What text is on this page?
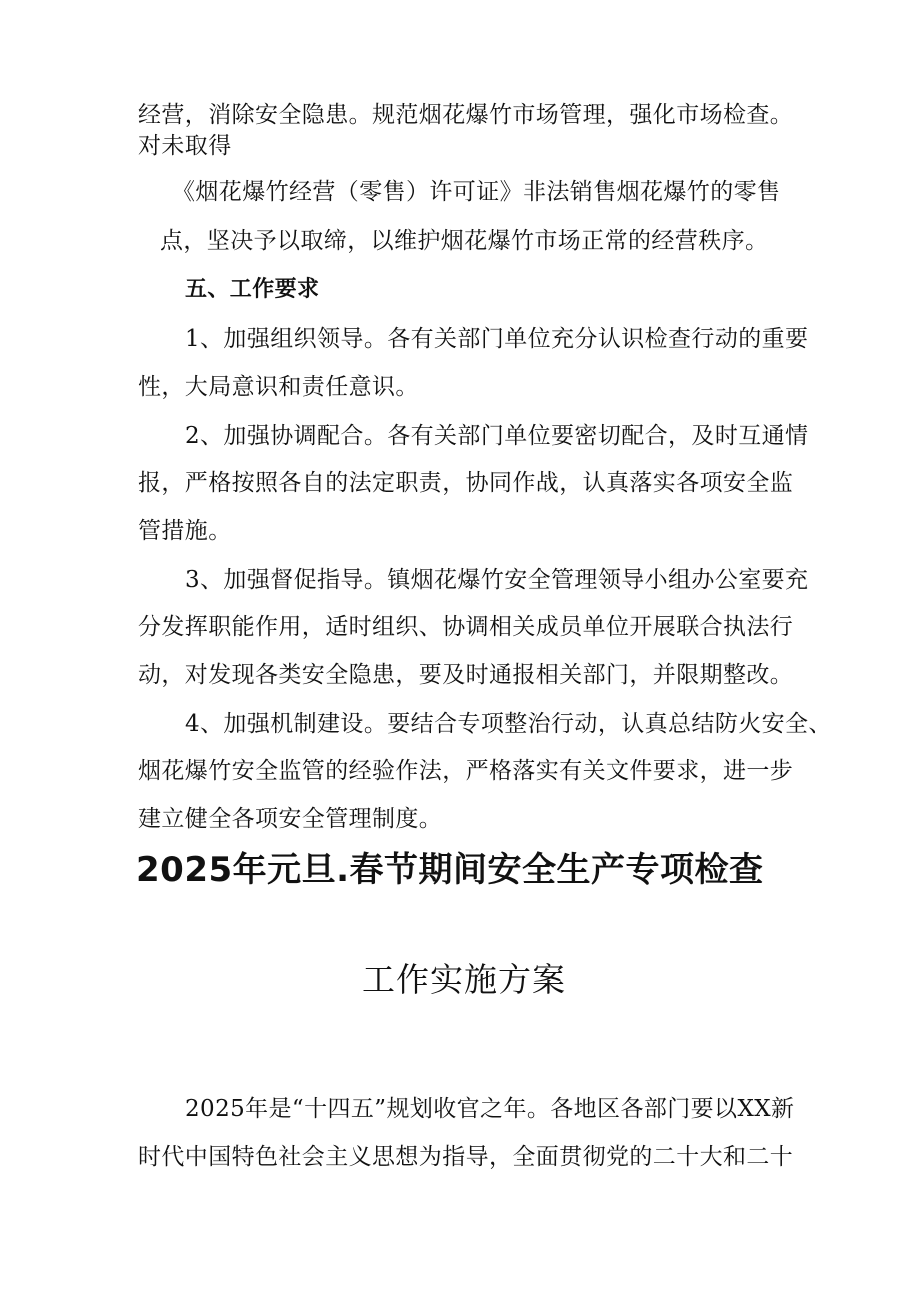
经营，消除安全隐患。规范烟花爆竹市场管理，强化市场检查。
对未取得
《烟花爆竹经营（零售）许可证》非法销售烟花爆竹的零售
点，坚决予以取缔，以维护烟花爆竹市场正常的经营秩序。
五、工作要求
1、加强组织领导。各有关部门单位充分认识检查行动的重要
性，大局意识和责任意识。
2、加强协调配合。各有关部门单位要密切配合，及时互通情
报，严格按照各自的法定职责，协同作战，认真落实各项安全监
管措施。
3、加强督促指导。镇烟花爆竹安全管理领导小组办公室要充
分发挥职能作用，适时组织、协调相关成员单位开展联合执法行
动，对发现各类安全隐患，要及时通报相关部门，并限期整改。
4、加强机制建设。要结合专项整治行动，认真总结防火安全、
烟花爆竹安全监管的经验作法，严格落实有关文件要求，进一步
建立健全各项安全管理制度。
2025年元旦.春节期间安全生产专项检查
工作实施方案
2025年是“十四五”规划收官之年。各地区各部门要以XX新
时代中国特色社会主义思想为指导，全面贯彻党的二十大和二十
